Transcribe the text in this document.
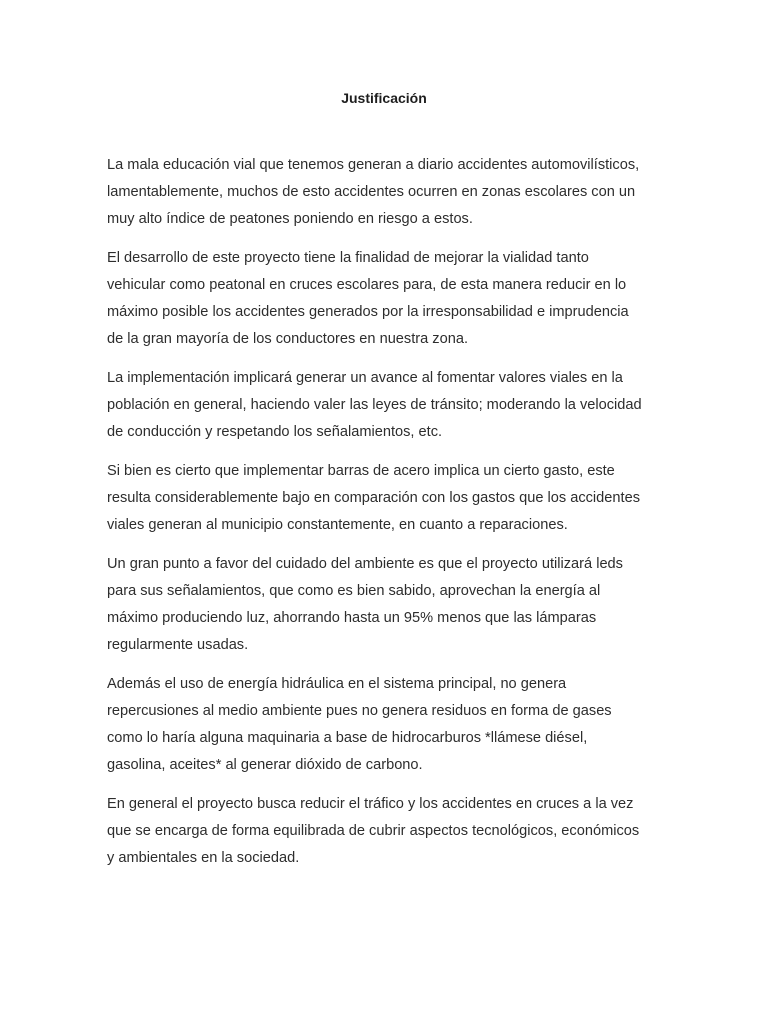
Justificación

La mala educación vial que tenemos generan a diario accidentes automovilísticos,
lamentablemente, muchos de esto accidentes ocurren en zonas escolares con un
muy alto índice de peatones poniendo en riesgo a estos.

El desarrollo de este proyecto tiene la finalidad de mejorar la vialidad tanto
vehicular como peatonal en cruces escolares para, de esta manera reducir en lo
máximo posible los accidentes generados por la irresponsabilidad e imprudencia
de la gran mayoría de los conductores en nuestra zona.

La implementación implicará generar un avance al fomentar valores viales en la
población en general, haciendo valer las leyes de tránsito; moderando la velocidad
de conducción y respetando los señalamientos, etc.

Si bien es cierto que implementar barras de acero implica un cierto gasto, este
resulta considerablemente bajo en comparación con los gastos que los accidentes
viales generan al municipio constantemente, en cuanto a reparaciones.

Un gran punto a favor del cuidado del ambiente es que el proyecto utilizará leds
para sus señalamientos, que como es bien sabido, aprovechan la energía al
máximo produciendo luz, ahorrando hasta un 95% menos que las lámparas
regularmente usadas.

Además el uso de energía hidráulica en el sistema principal, no genera
repercusiones al medio ambiente pues no genera residuos en forma de gases
como lo haría alguna maquinaria a base de hidrocarburos *llámese diésel,
gasolina, aceites* al generar dióxido de carbono.

En general el proyecto busca reducir el tráfico y los accidentes en cruces a la vez
que se encarga de forma equilibrada de cubrir aspectos tecnológicos, económicos
y ambientales en la sociedad.
